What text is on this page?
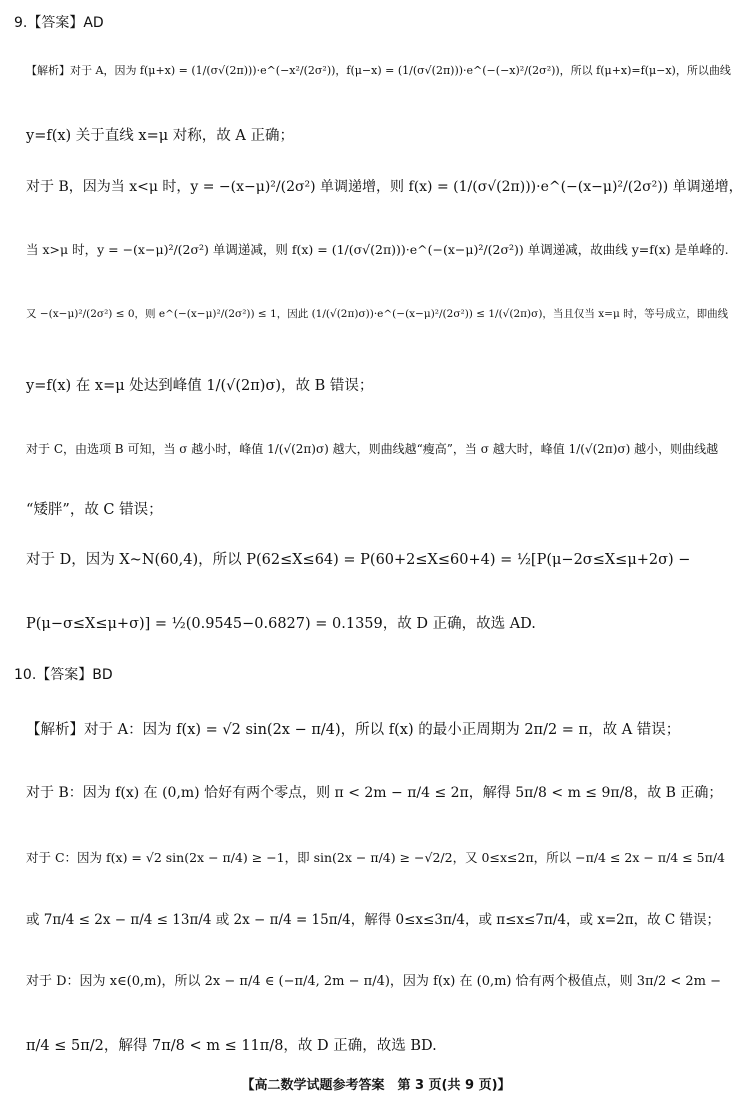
9.【答案】AD
【解析】对于 A，因为 f(μ+x) = (1/(σ√(2π)))·e^(−x²/(2σ²))，f(μ−x) = (1/(σ√(2π)))·e^(−(−x)²/(2σ²))，所以 f(μ+x)=f(μ−x)，所以曲线
y=f(x) 关于直线 x=μ 对称，故 A 正确；
对于 B，因为当 x<μ 时，y = −(x−μ)²/(2σ²) 单调递增，则 f(x) = (1/(σ√(2π)))·e^(−(x−μ)²/(2σ²)) 单调递增，
当 x>μ 时，y = −(x−μ)²/(2σ²) 单调递减，则 f(x) = (1/(σ√(2π)))·e^(−(x−μ)²/(2σ²)) 单调递减，故曲线 y=f(x) 是单峰的.
又 −(x−μ)²/(2σ²) ≤ 0，则 e^(−(x−μ)²/(2σ²)) ≤ 1，因此 (1/(√(2π)σ))·e^(−(x−μ)²/(2σ²)) ≤ 1/(√(2π)σ)，当且仅当 x=μ 时，等号成立，即曲线
y=f(x) 在 x=μ 处达到峰值 1/(√(2π)σ)，故 B 错误；
对于 C，由选项 B 可知，当 σ 越小时，峰值 1/(√(2π)σ) 越大，则曲线越“瘦高”，当 σ 越大时，峰值 1/(√(2π)σ) 越小，则曲线越
“矮胖”，故 C 错误；
对于 D，因为 X~N(60,4)，所以 P(62≤X≤64) = P(60+2≤X≤60+4) = ½[P(μ−2σ≤X≤μ+2σ) −
P(μ−σ≤X≤μ+σ)] = ½(0.9545−0.6827) = 0.1359，故 D 正确，故选 AD.
10.【答案】BD
【解析】对于 A：因为 f(x) = √2 sin(2x − π/4)，所以 f(x) 的最小正周期为 2π/2 = π，故 A 错误；
对于 B：因为 f(x) 在 (0,m) 恰好有两个零点，则 π < 2m − π/4 ≤ 2π，解得 5π/8 < m ≤ 9π/8，故 B 正确；
对于 C：因为 f(x) = √2 sin(2x − π/4) ≥ −1，即 sin(2x − π/4) ≥ −√2/2，又 0≤x≤2π，所以 −π/4 ≤ 2x − π/4 ≤ 5π/4
或 7π/4 ≤ 2x − π/4 ≤ 13π/4 或 2x − π/4 = 15π/4，解得 0≤x≤3π/4，或 π≤x≤7π/4，或 x=2π，故 C 错误；
对于 D：因为 x∈(0,m)，所以 2x − π/4 ∈ (−π/4, 2m − π/4)，因为 f(x) 在 (0,m) 恰有两个极值点，则 3π/2 < 2m −
π/4 ≤ 5π/2，解得 7π/8 < m ≤ 11π/8，故 D 正确，故选 BD.
【高二数学试题参考答案　第 3 页(共 9 页)】
